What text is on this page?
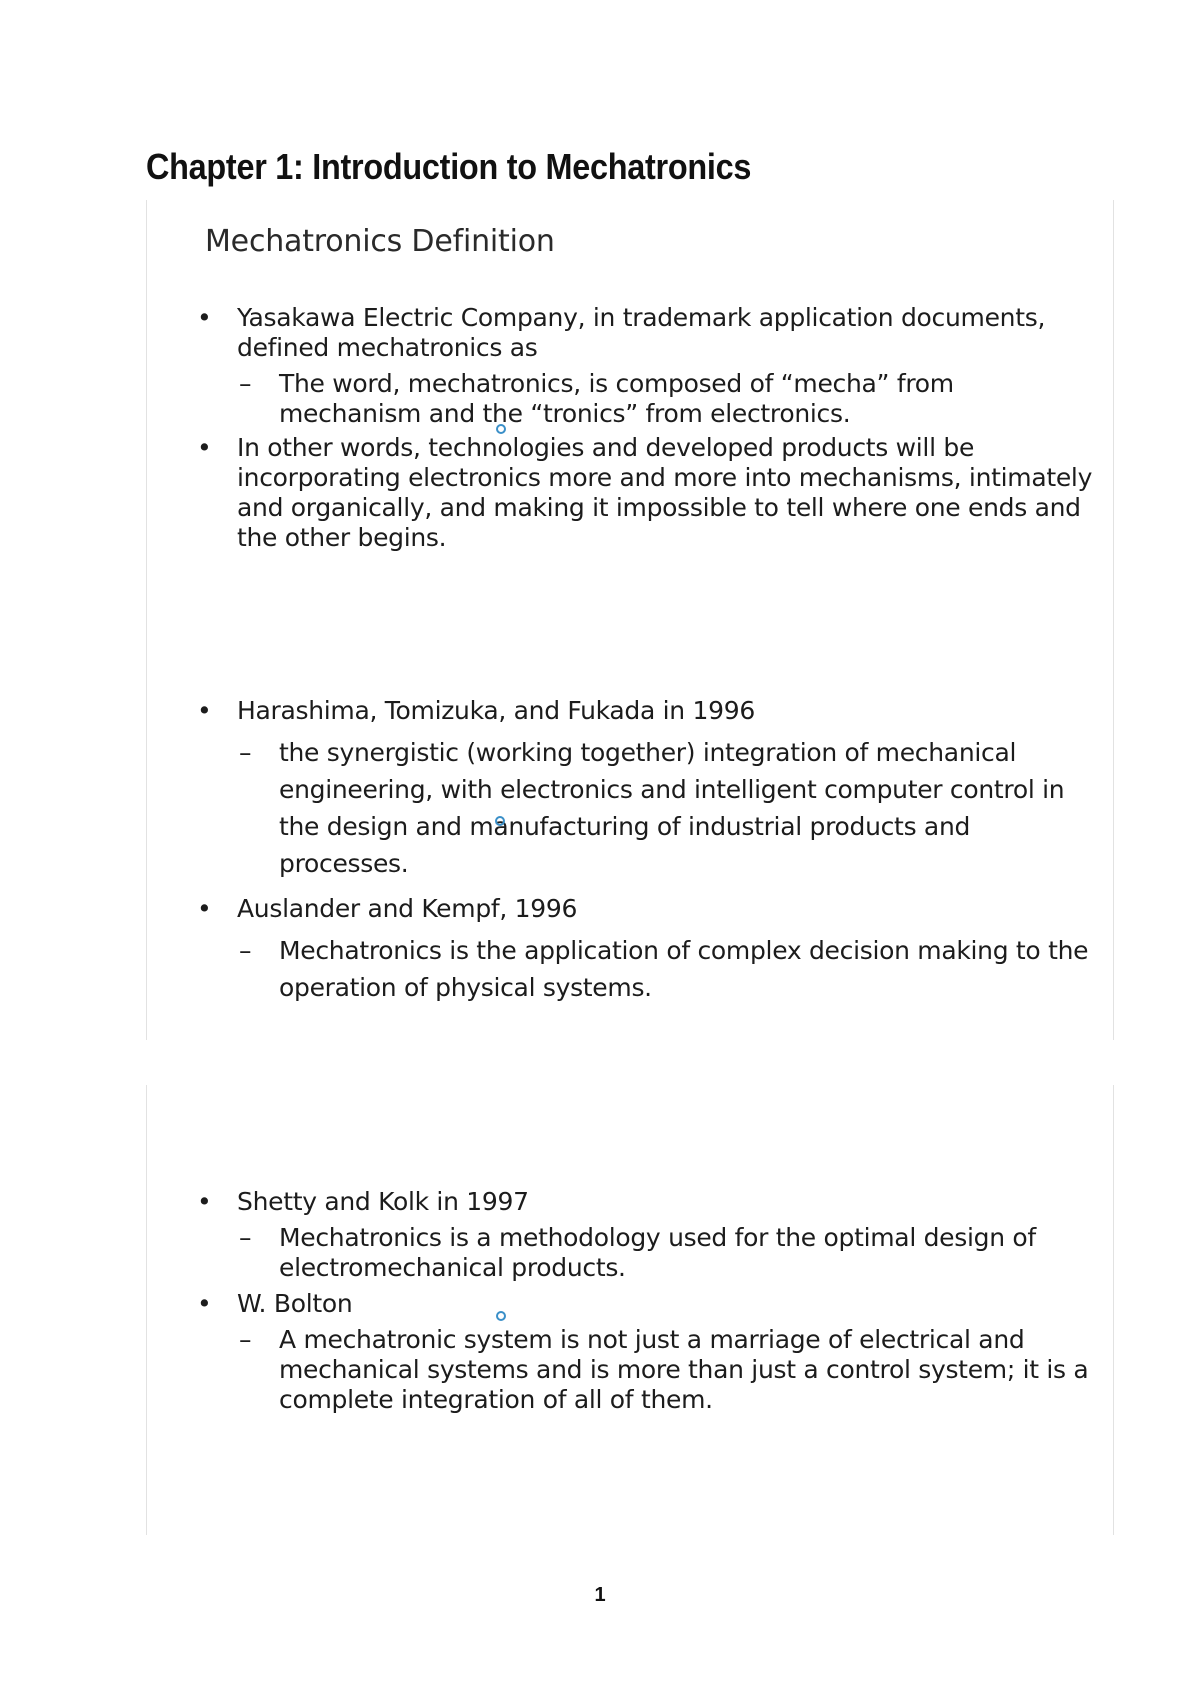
Chapter 1: Introduction to Mechatronics
Mechatronics Definition
• Yasakawa Electric Company, in trademark application documents, defined mechatronics as
– The word, mechatronics, is composed of “mecha” from mechanism and the “tronics” from electronics.
• In other words, technologies and developed products will be incorporating electronics more and more into mechanisms, intimately and organically, and making it impossible to tell where one ends and the other begins.
• Harashima, Tomizuka, and Fukada in 1996
– the synergistic (working together) integration of mechanical engineering, with electronics and intelligent computer control in the design and manufacturing of industrial products and processes.
• Auslander and Kempf, 1996
– Mechatronics is the application of complex decision making to the operation of physical systems.
• Shetty and Kolk in 1997
– Mechatronics is a methodology used for the optimal design of electromechanical products.
• W. Bolton
– A mechatronic system is not just a marriage of electrical and mechanical systems and is more than just a control system; it is a complete integration of all of them.
1
